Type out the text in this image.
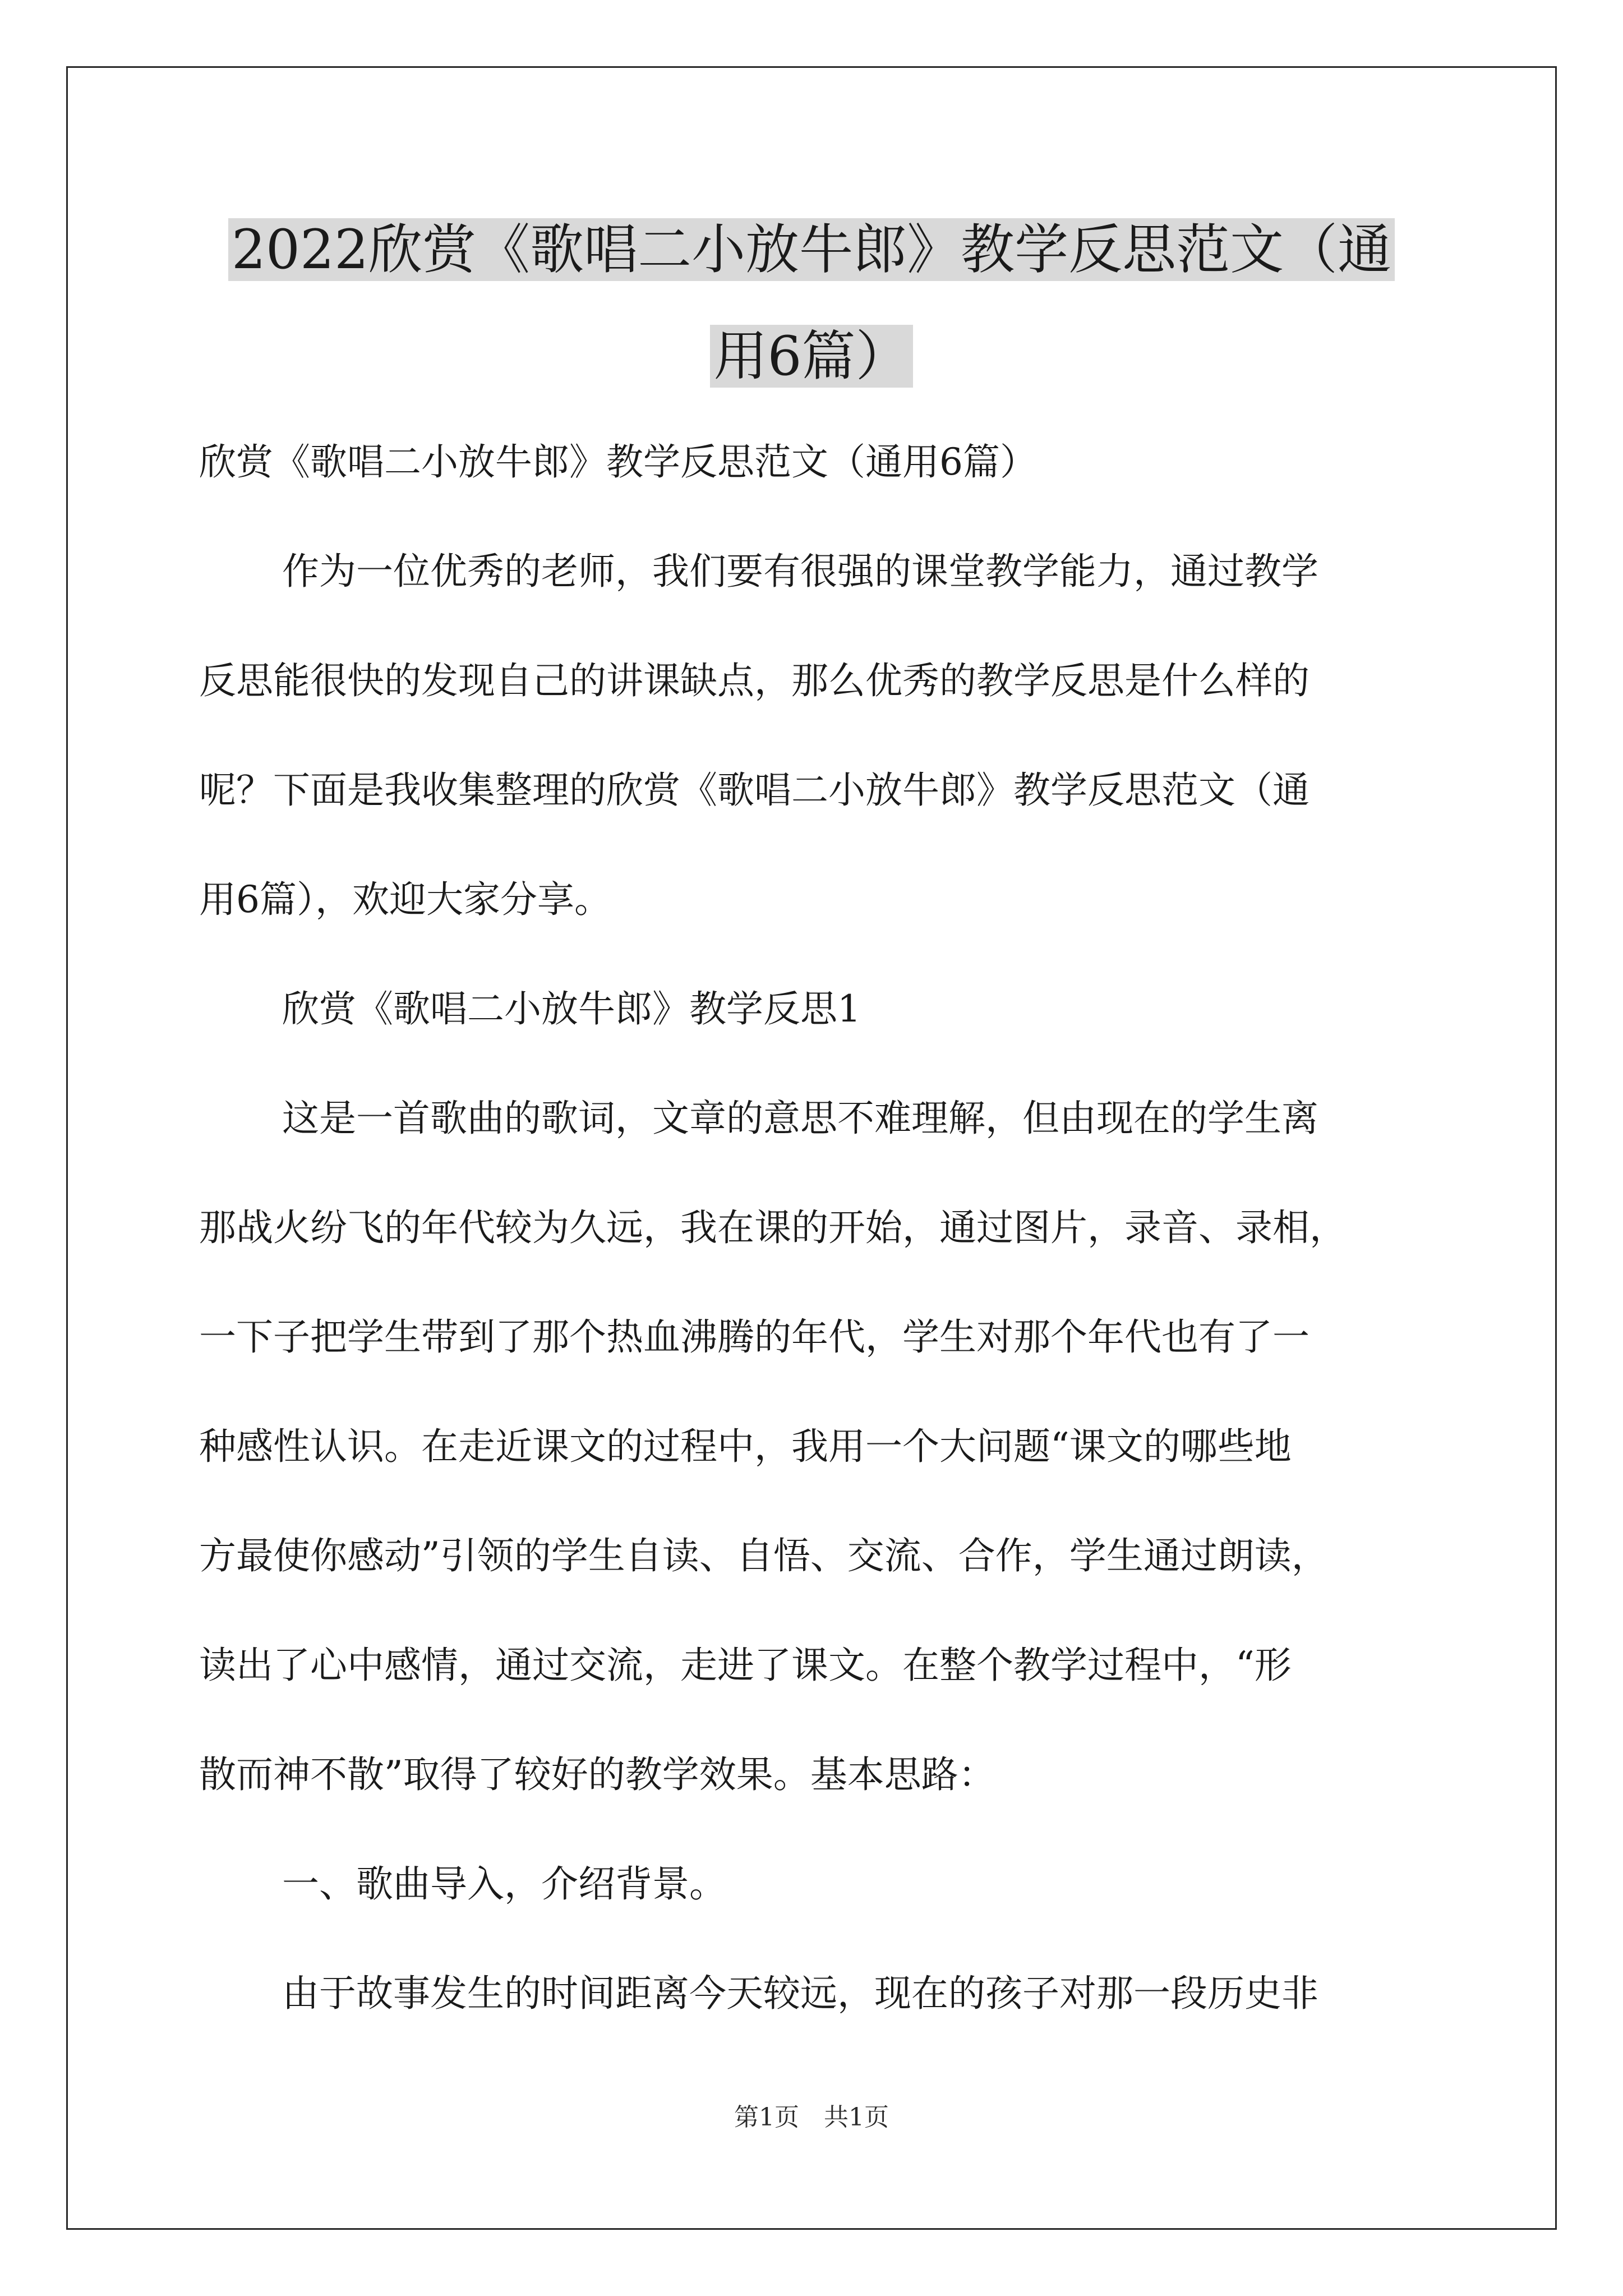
2022欣赏《歌唱二小放牛郎》教学反思范文（通
用6篇）
欣赏《歌唱二小放牛郎》教学反思范文（通用6篇）
作为一位优秀的老师，我们要有很强的课堂教学能力，通过教学
反思能很快的发现自己的讲课缺点，那么优秀的教学反思是什么样的
呢？下面是我收集整理的欣赏《歌唱二小放牛郎》教学反思范文（通
用6篇），欢迎大家分享。
欣赏《歌唱二小放牛郎》教学反思1
这是一首歌曲的歌词，文章的意思不难理解，但由现在的学生离
那战火纷飞的年代较为久远，我在课的开始，通过图片，录音、录相，
一下子把学生带到了那个热血沸腾的年代，学生对那个年代也有了一
种感性认识。在走近课文的过程中，我用一个大问题“课文的哪些地
方最使你感动”引领的学生自读、自悟、交流、合作，学生通过朗读，
读出了心中感情，通过交流，走进了课文。在整个教学过程中，“形
散而神不散”取得了较好的教学效果。基本思路：
一、歌曲导入，介绍背景。
由于故事发生的时间距离今天较远，现在的孩子对那一段历史非
第1页　共1页
